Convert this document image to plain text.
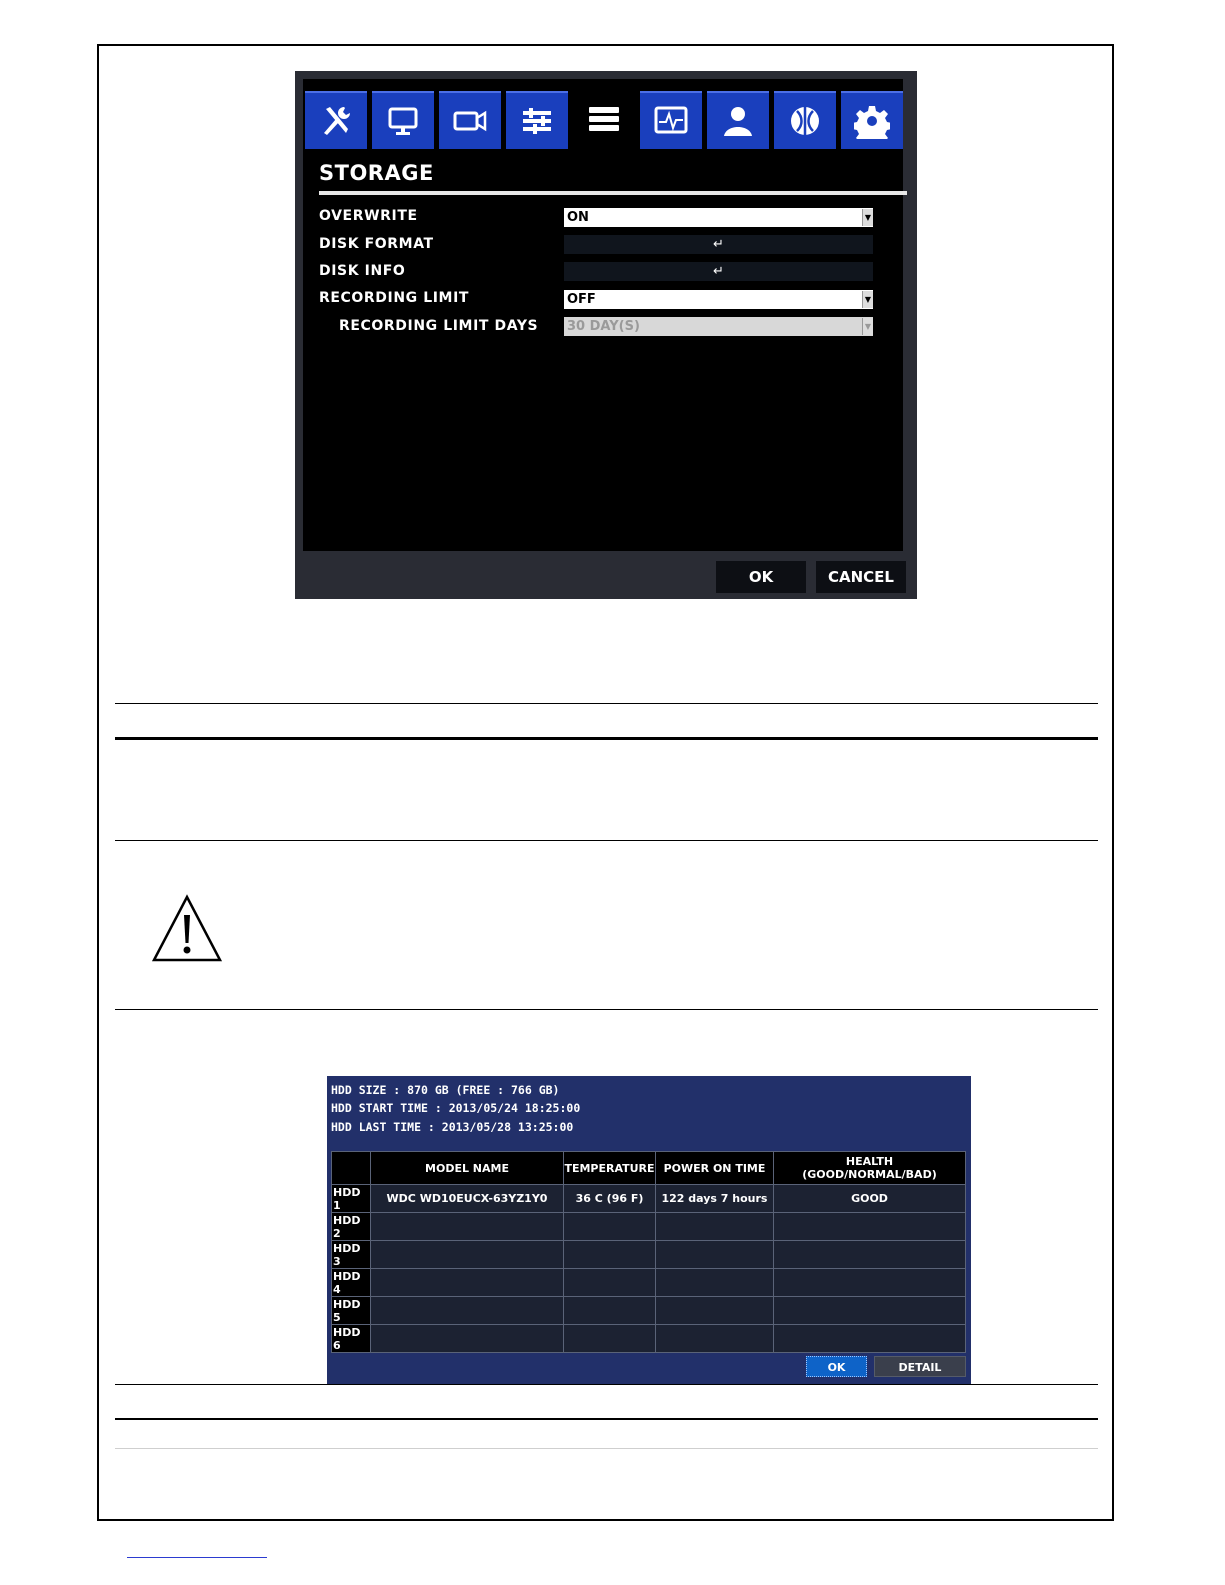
STORAGE
OVERWRITE	ON	▼
DISK FORMAT	↵
DISK INFO	↵
RECORDING LIMIT	OFF	▼
RECORDING LIMIT DAYS 30 DAY(S)	▼
OK	CANCEL
HDD SIZE : 870 GB (FREE : 766 GB)
HDD START TIME : 2013/05/24 18:25:00
HDD LAST TIME : 2013/05/28 13:25:00
	MODEL NAME	TEMPERATURE	POWER ON TIME	HEALTH
(GOOD/NORMAL/BAD)

HDD 1	WDC WD10EUCX-63YZ1Y0	36 C (96 F)	122 days 7 hours	GOOD
HDD 2				
HDD 3				
HDD 4				
HDD 5				
HDD 6				
OK	DETAIL
